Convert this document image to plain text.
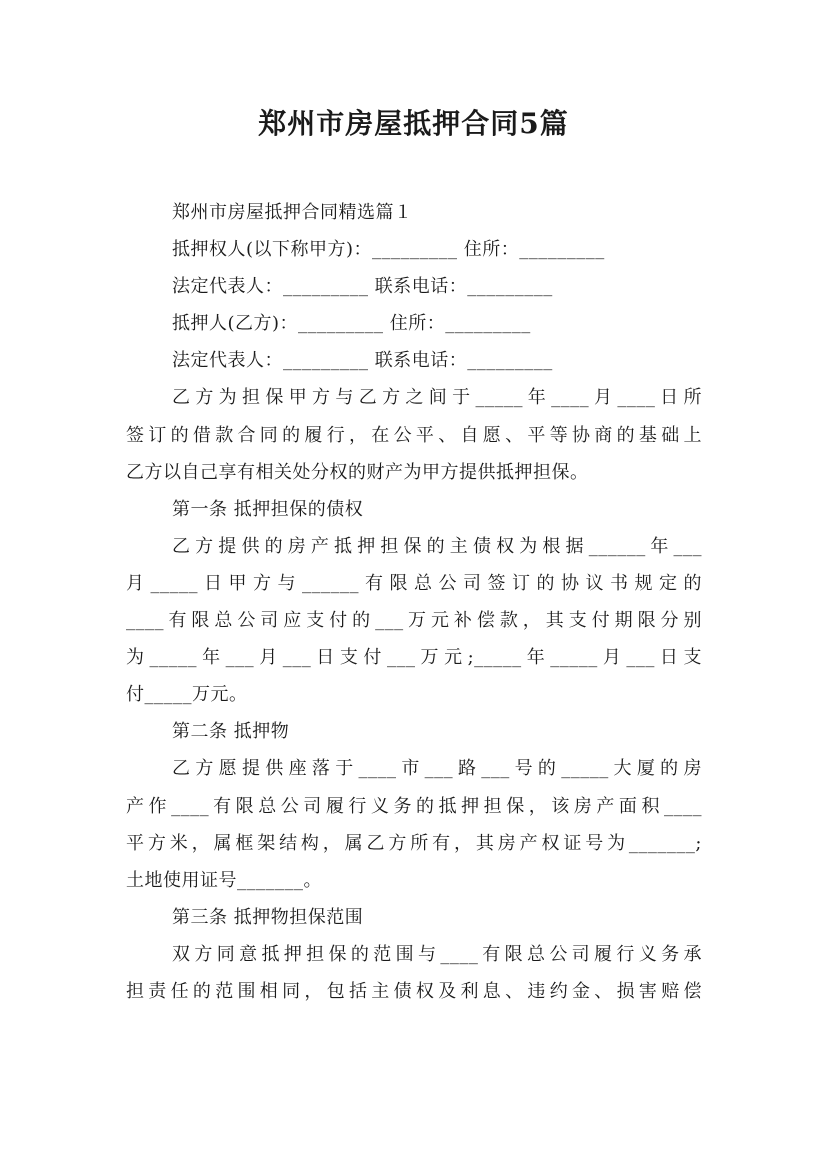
郑州市房屋抵押合同5篇

郑州市房屋抵押合同精选篇１

抵押权人(以下称甲方)：_________ 住所：_________

法定代表人：_________ 联系电话：_________

抵押人(乙方)：_________ 住所：_________

法定代表人：_________ 联系电话：_________

乙方为担保甲方与乙方之间于_____年____月____日所

签订的借款合同的履行，在公平、自愿、平等协商的基础上

乙方以自己享有相关处分权的财产为甲方提供抵押担保。

第一条 抵押担保的债权

乙方提供的房产抵押担保的主债权为根据______年___

月_____日甲方与______有限总公司签订的协议书规定的

____有限总公司应支付的___万元补偿款，其支付期限分别

为_____年___月___日支付___万元;_____年_____月___日支

付_____万元。

第二条 抵押物

乙方愿提供座落于____市___路___号的_____大厦的房

产作____有限总公司履行义务的抵押担保，该房产面积____

平方米，属框架结构，属乙方所有，其房产权证号为_______;

土地使用证号_______。

第三条 抵押物担保范围

双方同意抵押担保的范围与____有限总公司履行义务承

担责任的范围相同，包括主债权及利息、违约金、损害赔偿
